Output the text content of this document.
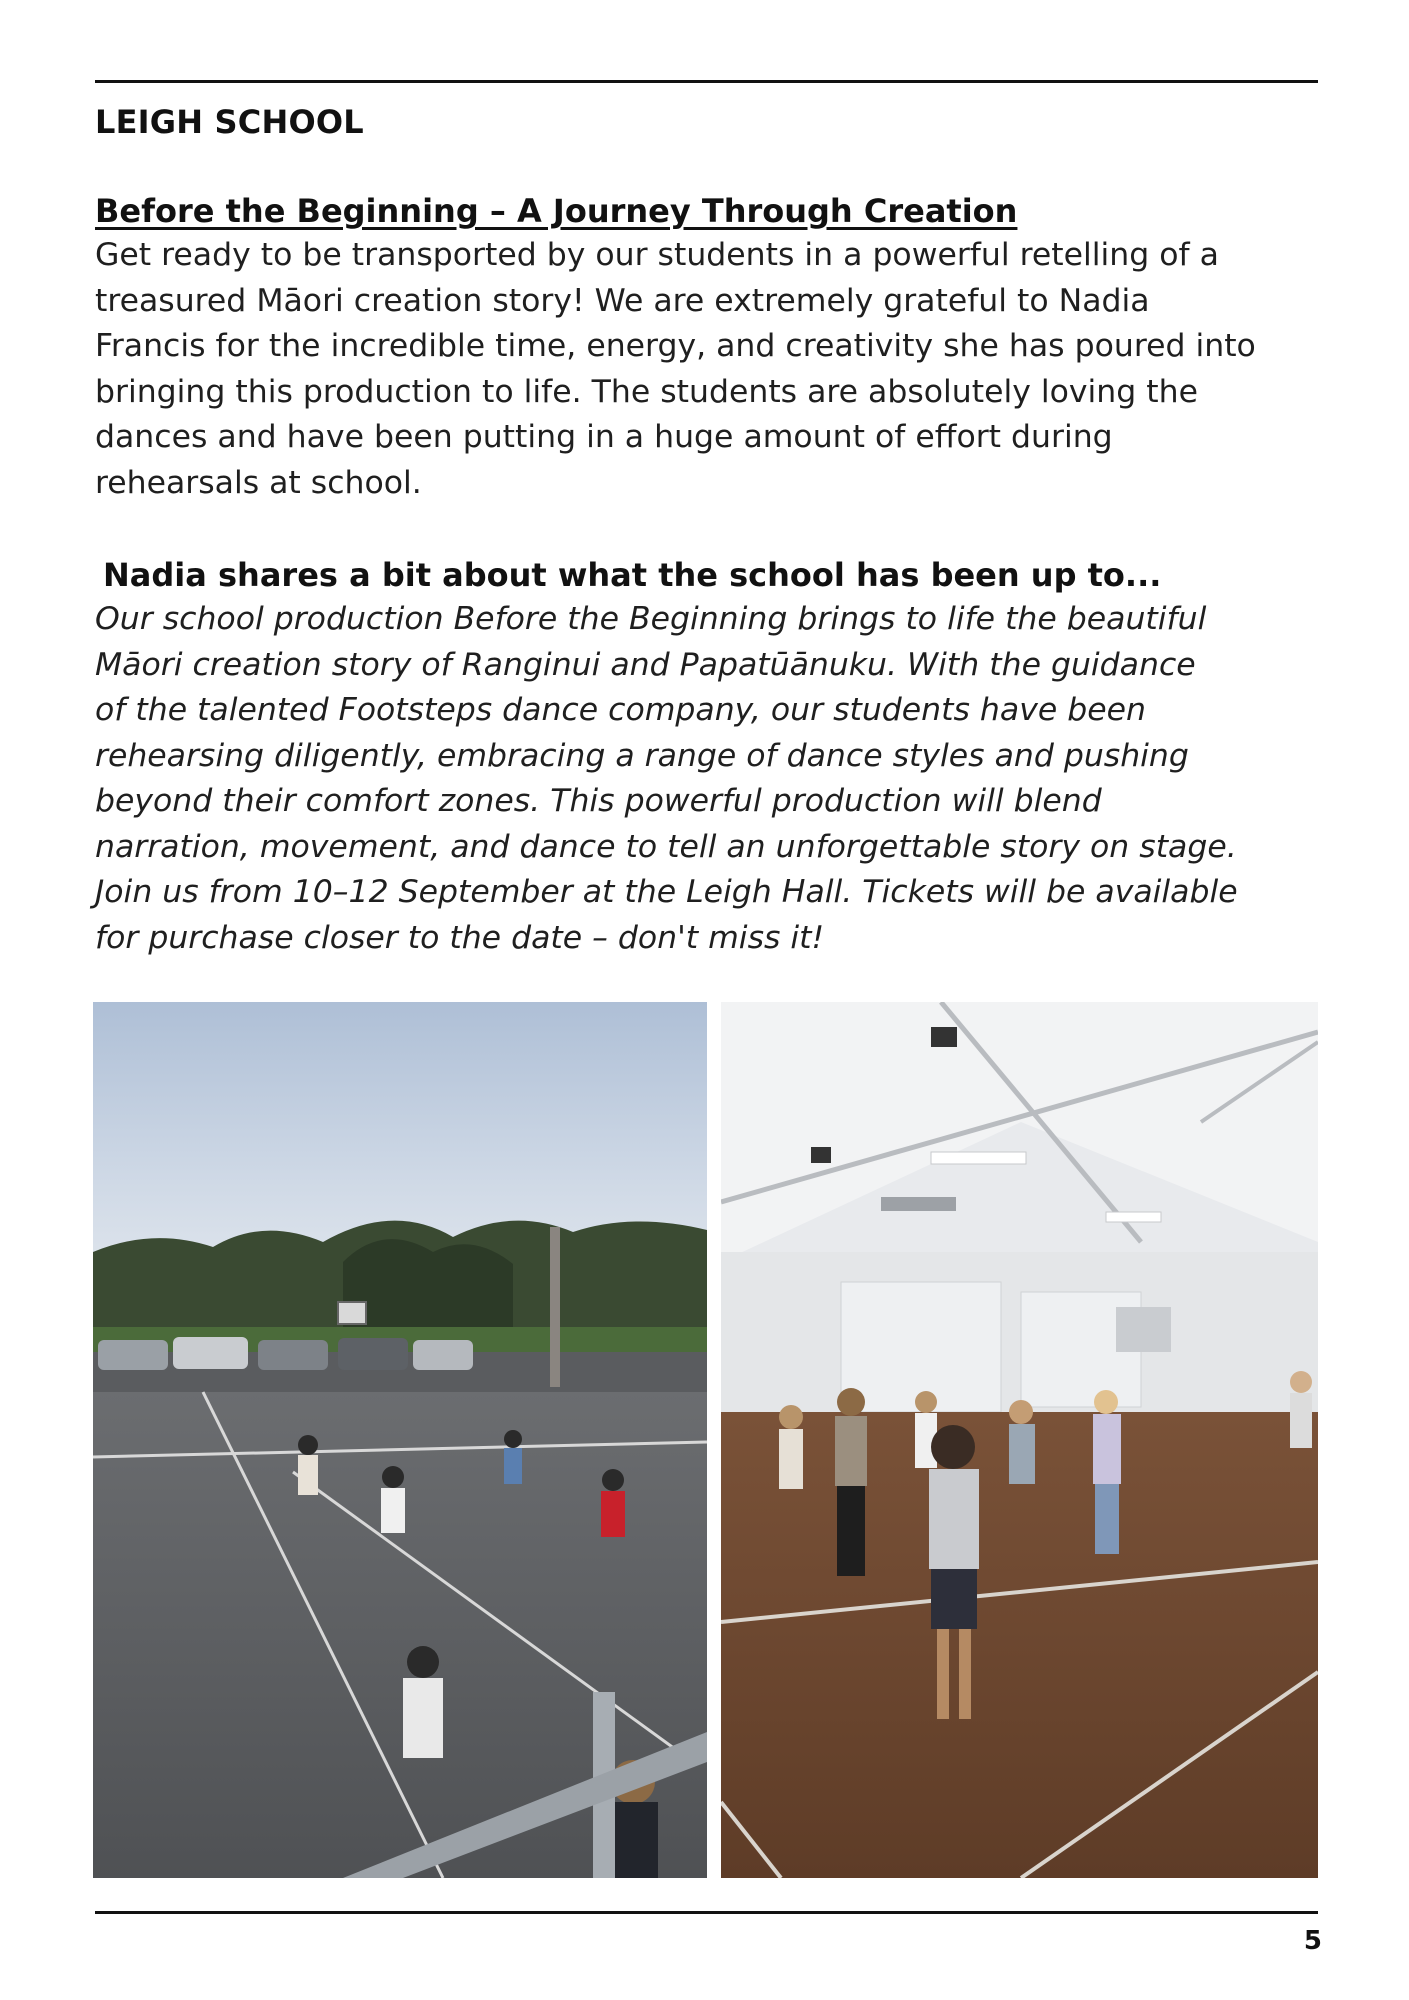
LEIGH SCHOOL
Before the Beginning – A Journey Through Creation

Get ready to be transported by our students in a powerful retelling of a
treasured Māori creation story! We are extremely grateful to Nadia
Francis for the incredible time, energy, and creativity she has poured into
bringing this production to life. The students are absolutely loving the
dances and have been putting in a huge amount of effort during
rehearsals at school.

Nadia shares a bit about what the school has been up to...

Our school production Before the Beginning brings to life the beautiful
Māori creation story of Ranginui and Papatūānuku. With the guidance
of the talented Footsteps dance company, our students have been
rehearsing diligently, embracing a range of dance styles and pushing
beyond their comfort zones. This powerful production will blend
narration, movement, and dance to tell an unforgettable story on stage.
Join us from 10–12 September at the Leigh Hall. Tickets will be available
for purchase closer to the date – don't miss it!

5
